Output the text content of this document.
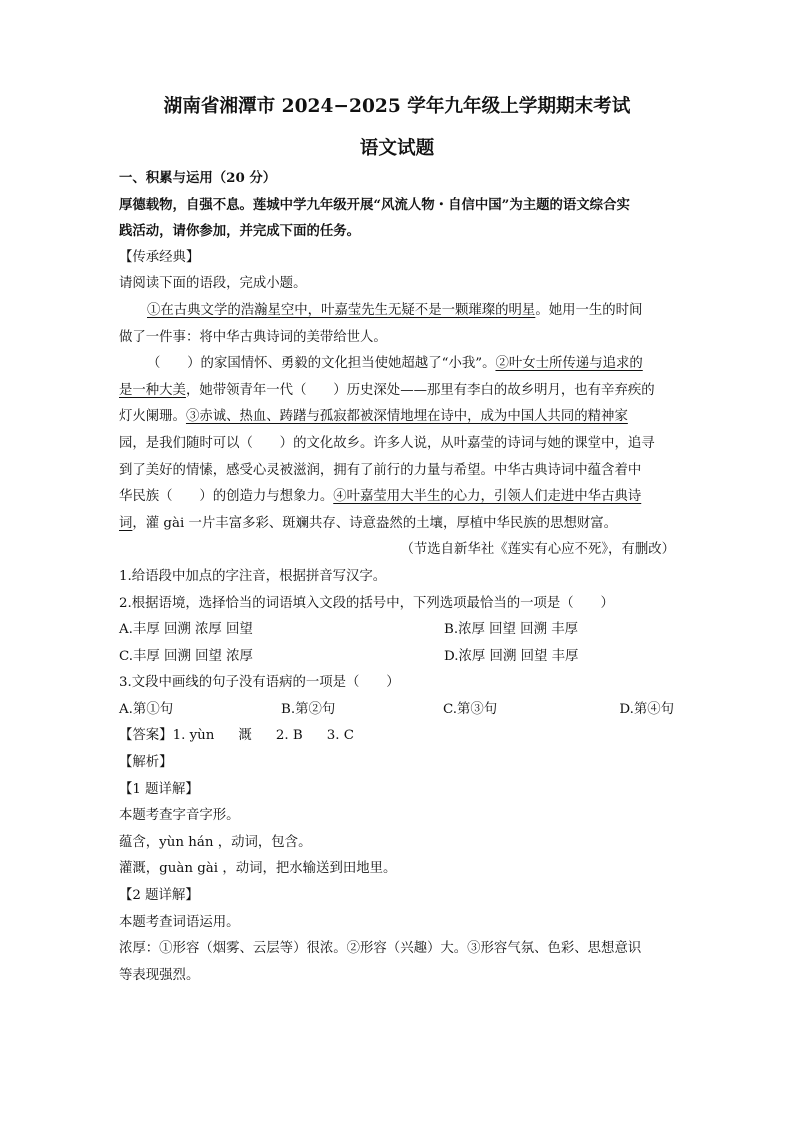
湖南省湘潭市 2024−2025 学年九年级上学期期末考试
语文试题
一、积累与运用（20 分）
厚德载物，自强不息。莲城中学九年级开展“风流人物・自信中国”为主题的语文综合实
践活动，请你参加，并完成下面的任务。
【传承经典】
请阅读下面的语段，完成小题。
①在古典文学的浩瀚星空中，叶嘉莹先生无疑不是一颗璀璨的明星。她用一生的时间
做了一件事：将中华古典诗词的美带给世人。
（　　）的家国情怀、勇毅的文化担当使她超越了“小我”。②叶女士所传递与追求的
是一种大美，她带领青年一代（　　）历史深处——那里有李白的故乡明月，也有辛弃疾的
灯火阑珊。③赤诚、热血、踌躇与孤寂都被深情地埋在诗中，成为中国人共同的精神家
园，是我们随时可以（　　）的文化故乡。许多人说，从叶嘉莹的诗词与她的课堂中，追寻
到了美好的情愫，感受心灵被滋润，拥有了前行的力量与希望。中华古典诗词中蕴含着中
华民族（　　）的创造力与想象力。④叶嘉莹用大半生的心力，引领人们走进中华古典诗
词，灌 gài 一片丰富多彩、斑斓共存、诗意盎然的土壤，厚植中华民族的思想财富。
（节选自新华社《莲实有心应不死》，有删改）
1.给语段中加点的字注音，根据拼音写汉字。
2.根据语境，选择恰当的词语填入文段的括号中，下列选项最恰当的一项是（　　）
A.丰厚 回溯 浓厚 回望	B.浓厚 回望 回溯 丰厚
C.丰厚 回溯 回望 浓厚	D.浓厚 回溯 回望 丰厚
3.文段中画线的句子没有语病的一项是（　　）
A.第①句	B.第②句	C.第③句	D.第④句
【答案】1. yùn 溉 2. B 3. C
【解析】
【1 题详解】
本题考查字音字形。
蕴含，yùn hán ，动词，包含。
灌溉，guàn gài ，动词，把水输送到田地里。
【2 题详解】
本题考查词语运用。
浓厚：①形容（烟雾、云层等）很浓。②形容（兴趣）大。③形容气氛、色彩、思想意识
等表现强烈。
